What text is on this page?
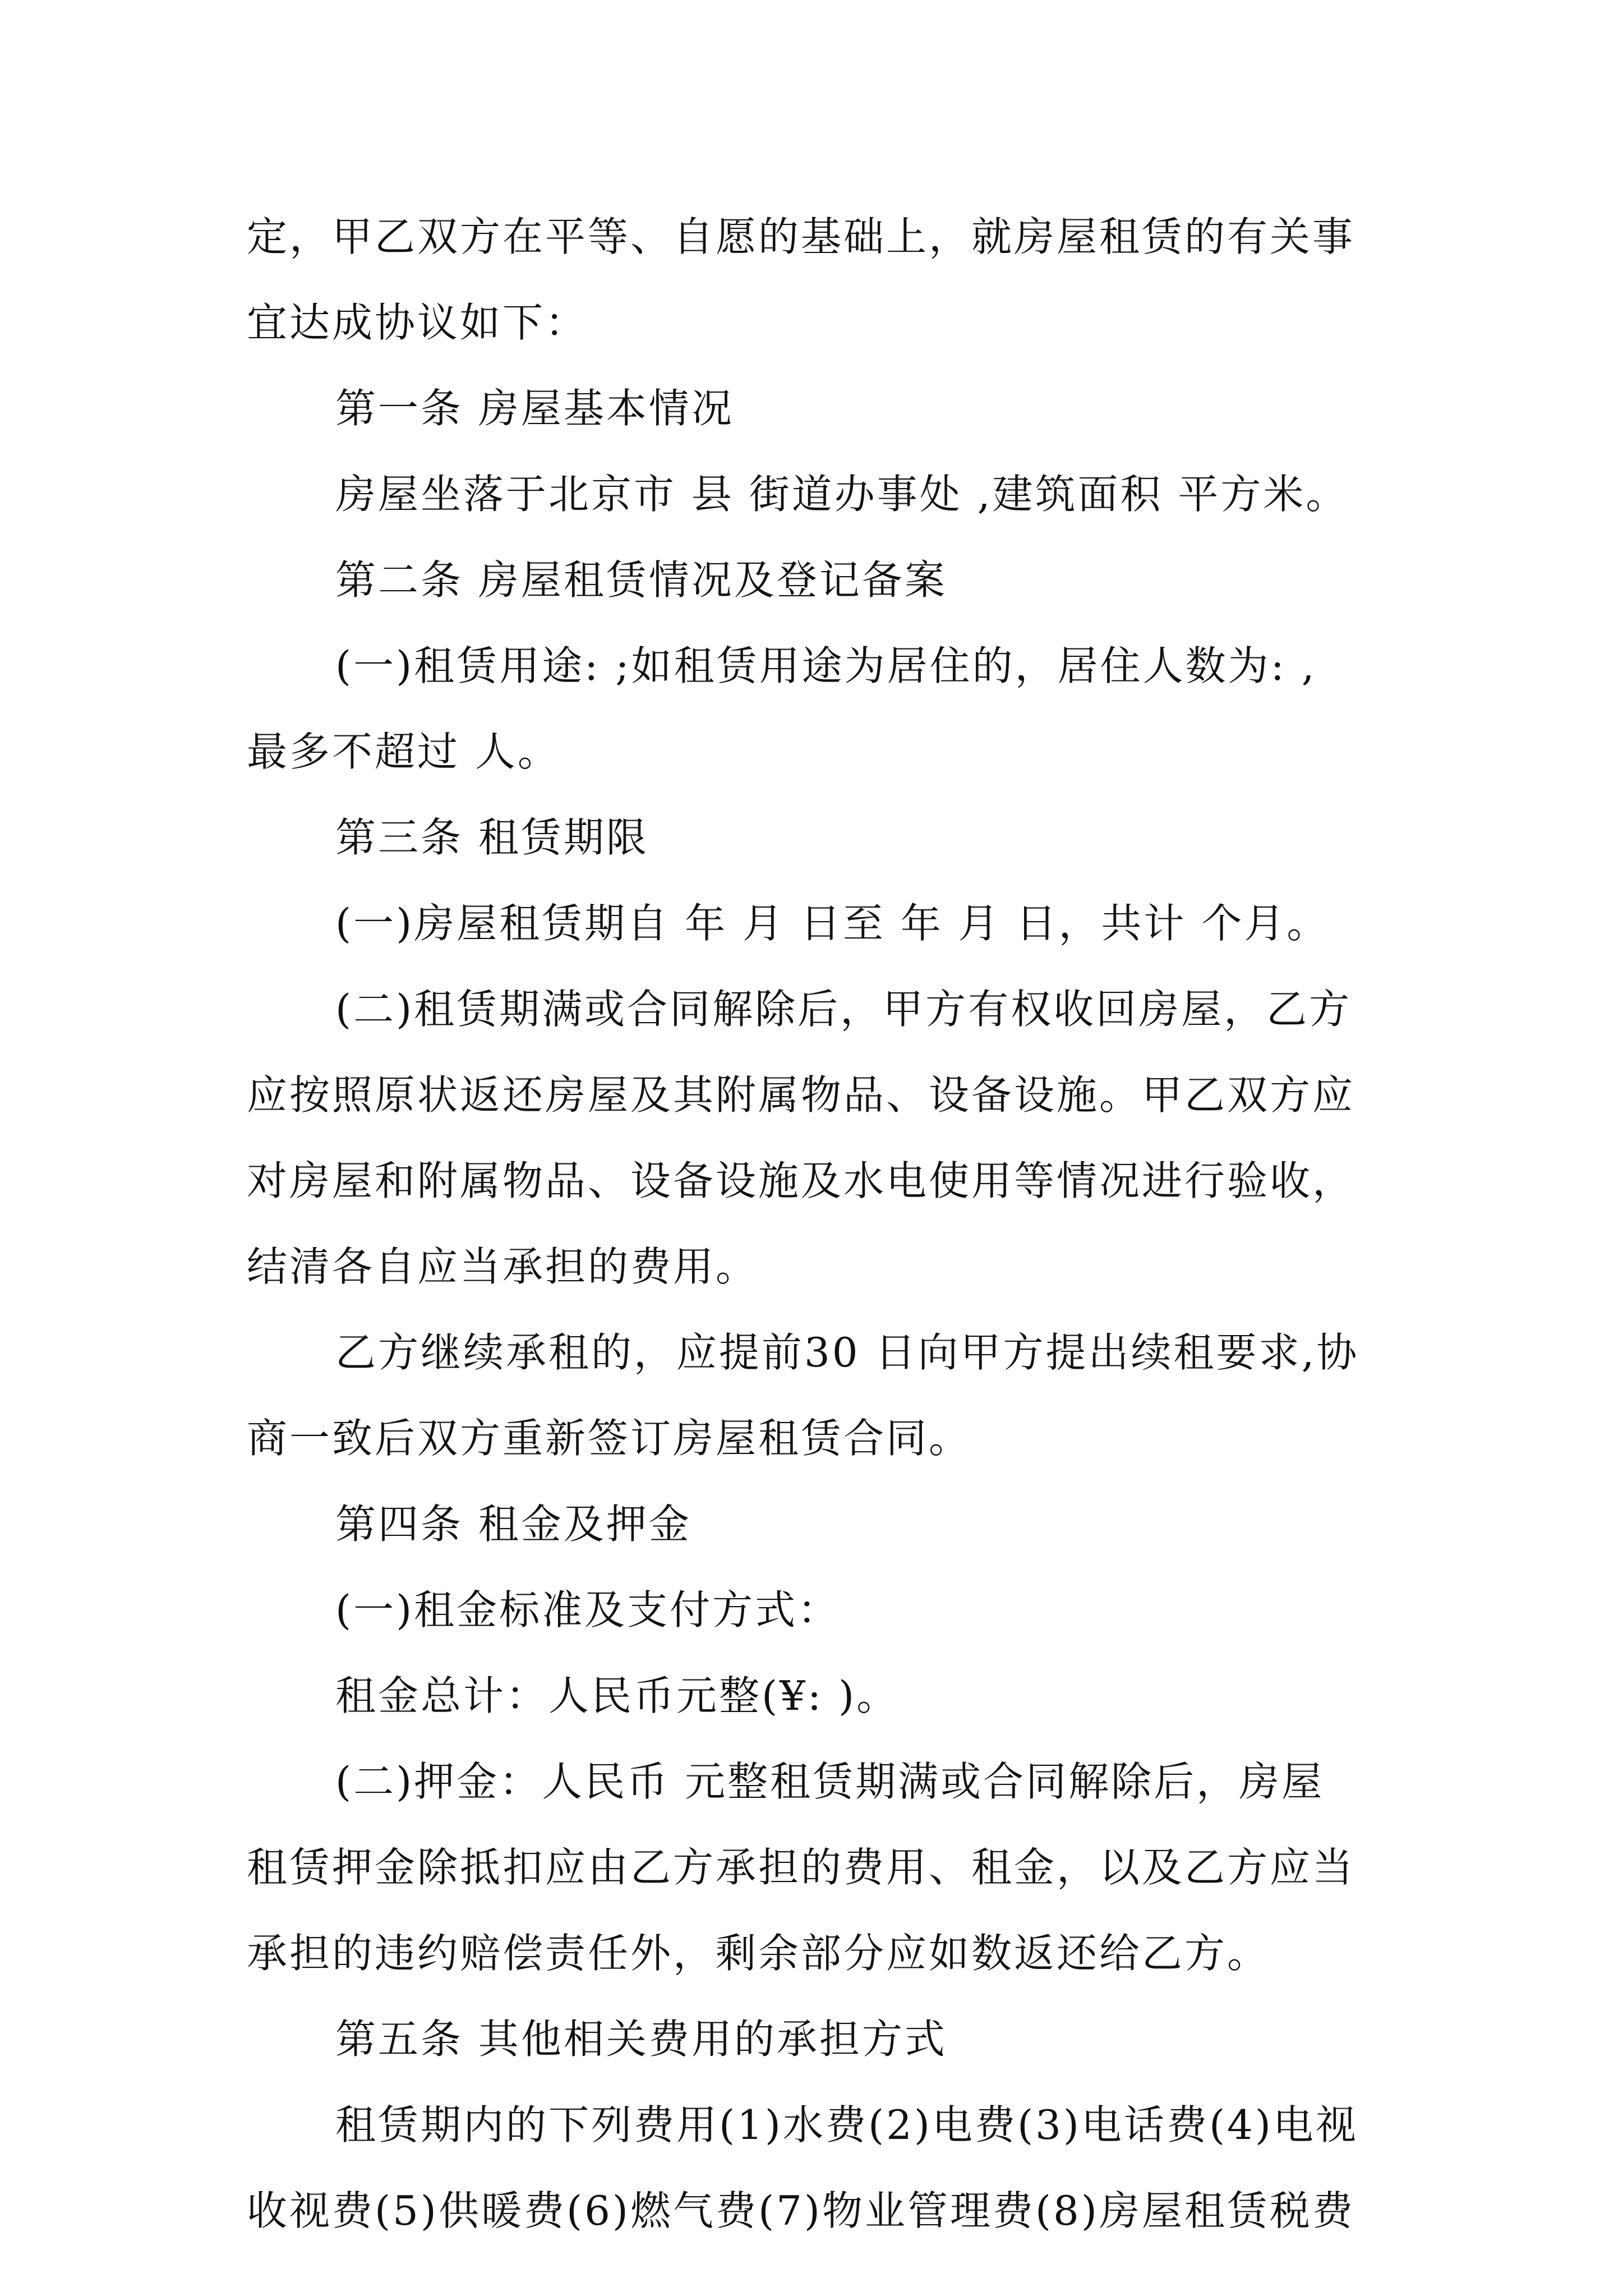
定，甲乙双方在平等、自愿的基础上，就房屋租赁的有关事
宜达成协议如下：
第一条 房屋基本情况
房屋坐落于北京市 县 街道办事处 ,建筑面积 平方米。
第二条 房屋租赁情况及登记备案
(一)租赁用途: ;如租赁用途为居住的，居住人数为: ,
最多不超过 人。
第三条 租赁期限
(一)房屋租赁期自 年 月 日至 年 月 日，共计 个月。
(二)租赁期满或合同解除后，甲方有权收回房屋，乙方
应按照原状返还房屋及其附属物品、设备设施。甲乙双方应
对房屋和附属物品、设备设施及水电使用等情况进行验收，
结清各自应当承担的费用。
乙方继续承租的，应提前30 日向甲方提出续租要求,协
商一致后双方重新签订房屋租赁合同。
第四条 租金及押金
(一)租金标准及支付方式：
租金总计：人民币元整(¥: )。
(二)押金：人民币 元整租赁期满或合同解除后，房屋
租赁押金除抵扣应由乙方承担的费用、租金，以及乙方应当
承担的违约赔偿责任外，剩余部分应如数返还给乙方。
第五条 其他相关费用的承担方式
租赁期内的下列费用(1)水费(2)电费(3)电话费(4)电视
收视费(5)供暖费(6)燃气费(7)物业管理费(8)房屋租赁税费
